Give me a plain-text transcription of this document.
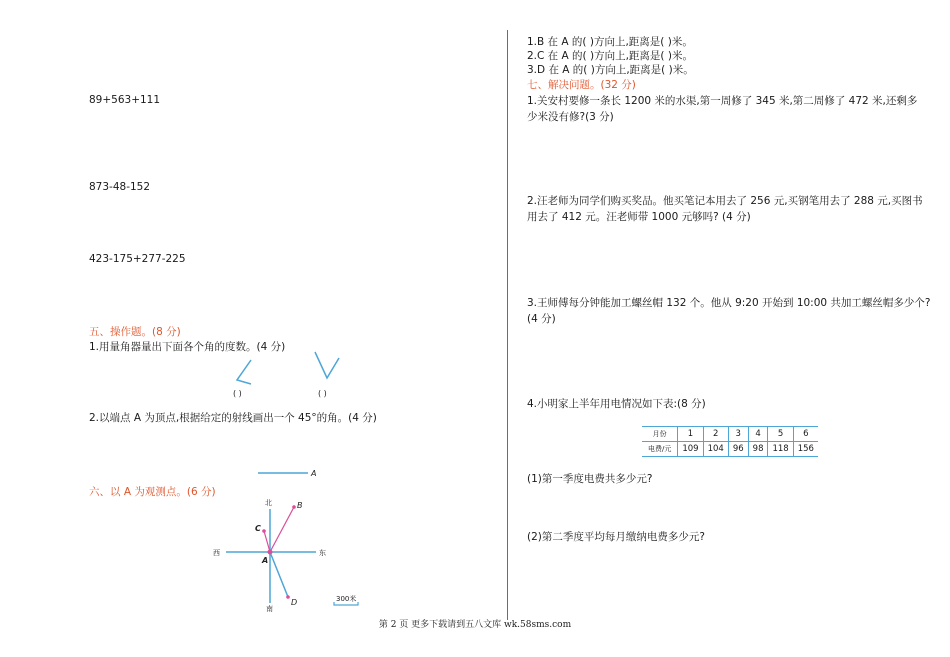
89+563+111
873-48-152
423-175+277-225
五、操作题。(8 分)
1.用量角器量出下面各个角的度数。(4 分)
( )	( )
2.以端点 A 为顶点,根据给定的射线画出一个 45°的角。(4 分)
A
六、以 A 为观测点。(6 分)
北
南
西	东
A
B
C
D	300米
1.B 在 A 的( )方向上,距离是( )米。
2.C 在 A 的( )方向上,距离是( )米。
3.D 在 A 的( )方向上,距离是( )米。
七、解决问题。(32 分)
1.关安村要修一条长 1200 米的水渠,第一周修了 345 米,第二周修了 472 米,还剩多少米没有修?(3 分)
2.汪老师为同学们购买奖品。他买笔记本用去了 256 元,买钢笔用去了 288 元,买图书用去了 412 元。汪老师带 1000 元够吗? (4 分)
3.王师傅每分钟能加工螺丝帽 132 个。他从 9:20 开始到 10:00 共加工螺丝帽多少个?(4 分)
4.小明家上半年用电情况如下表:(8 分)
月份	1	2	3	4	5	6
电费/元	109	104	96	98	118	156
(1)第一季度电费共多少元?
(2)第二季度平均每月缴纳电费多少元?
第 2 页 更多下载请到五八文库 wk.58sms.com
